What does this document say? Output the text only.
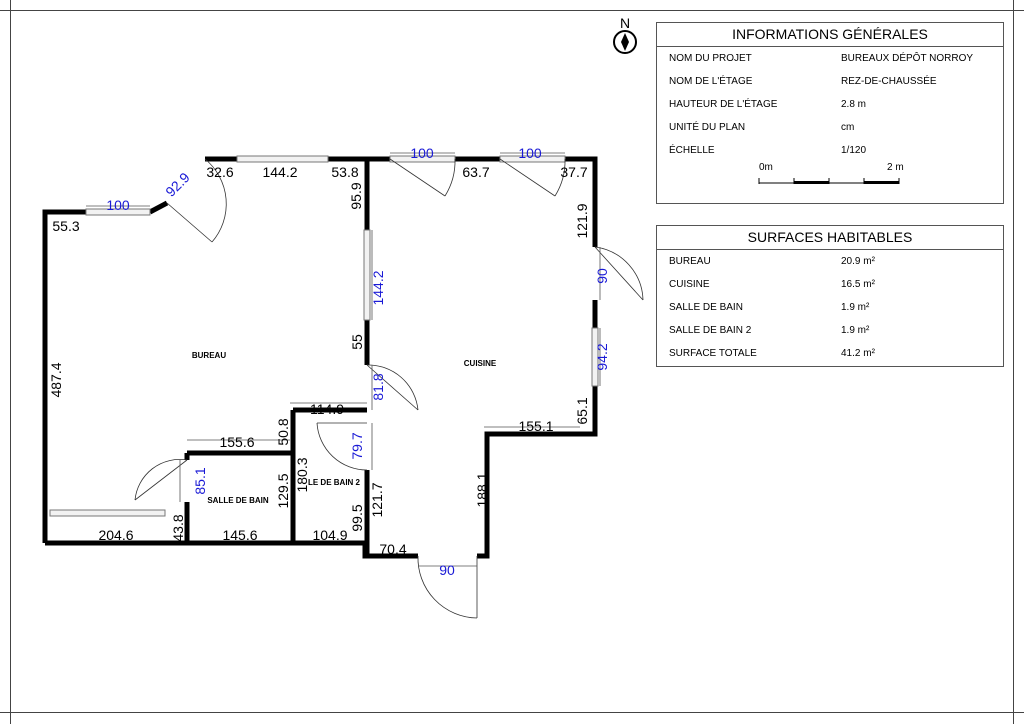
N
BUREAU
CUISINE
SALLE DE BAIN
LE DE BAIN 2
55.3
100
32.6 144.2 53.8
100
63.7
100
37.7
114.9
155.1
155.6
204.6	145.6	104.9
70.4
90
92.9	95.9
121.9
144.2	90
55
94.2
81.8
65.1
50.8
79.7
487.4
180.3
85.1	129.5	188.1
99.5
121.7
43.8
INFORMATIONS GÉNÉRALES
NOM DU PROJET	BUREAUX DÉPÔT NORROY
NOM DE L'ÉTAGE	REZ-DE-CHAUSSÉE
HAUTEUR DE L'ÉTAGE	2.8 m
UNITÉ DU PLAN	cm
ÉCHELLE	1/120
0m	2 m
SURFACES HABITABLES
BUREAU	20.9 m²
CUISINE	16.5 m²
SALLE DE BAIN	1.9 m²
SALLE DE BAIN 2	1.9 m²
SURFACE TOTALE	41.2 m²
